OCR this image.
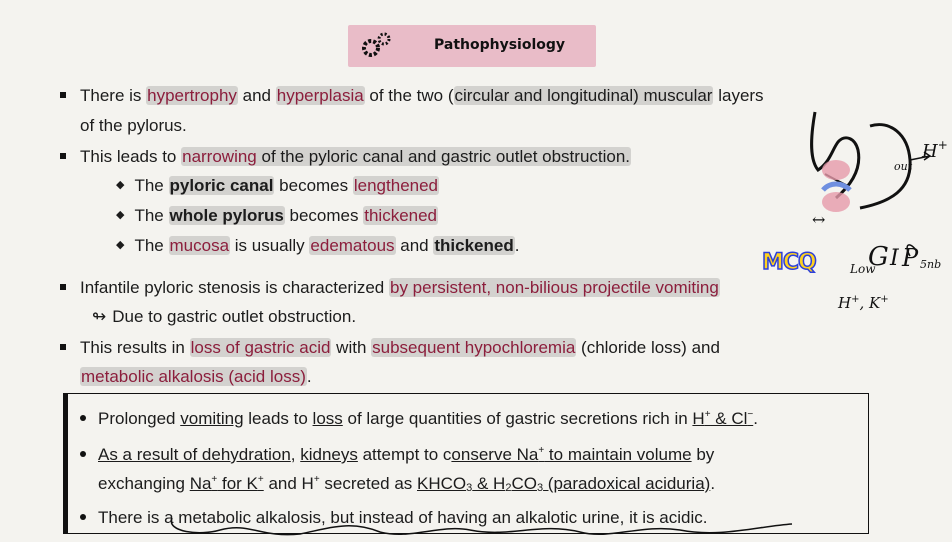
Pathophysiology
There is hypertrophy and hyperplasia of the two (circular and longitudinal) muscular layers
of the pylorus.
This leads to narrowing of the pyloric canal and gastric outlet obstruction.
◆ The pyloric canal becomes lengthened
◆ The whole pylorus becomes thickened
◆ The mucosa is usually edematous and thickened.
Infantile pyloric stenosis is characterized by persistent, non-bilious projectile vomiting
↬ Due to gastric outlet obstruction.
This results in loss of gastric acid with subsequent hypochloremia (chloride loss) and
metabolic alkalosis (acid loss).
Prolonged vomiting leads to loss of large quantities of gastric secretions rich in H+ & Cl−.
As a result of dehydration, kidneys attempt to conserve Na+ to maintain volume by
exchanging Na+ for K+ and H+ secreted as KHCO3 & H2CO3 (paradoxical aciduria).
There is a metabolic alkalosis, but instead of having an alkalotic urine, it is acidic.
H+
out
↔
MCQ	Low
G I P 5nb
H+, K+
